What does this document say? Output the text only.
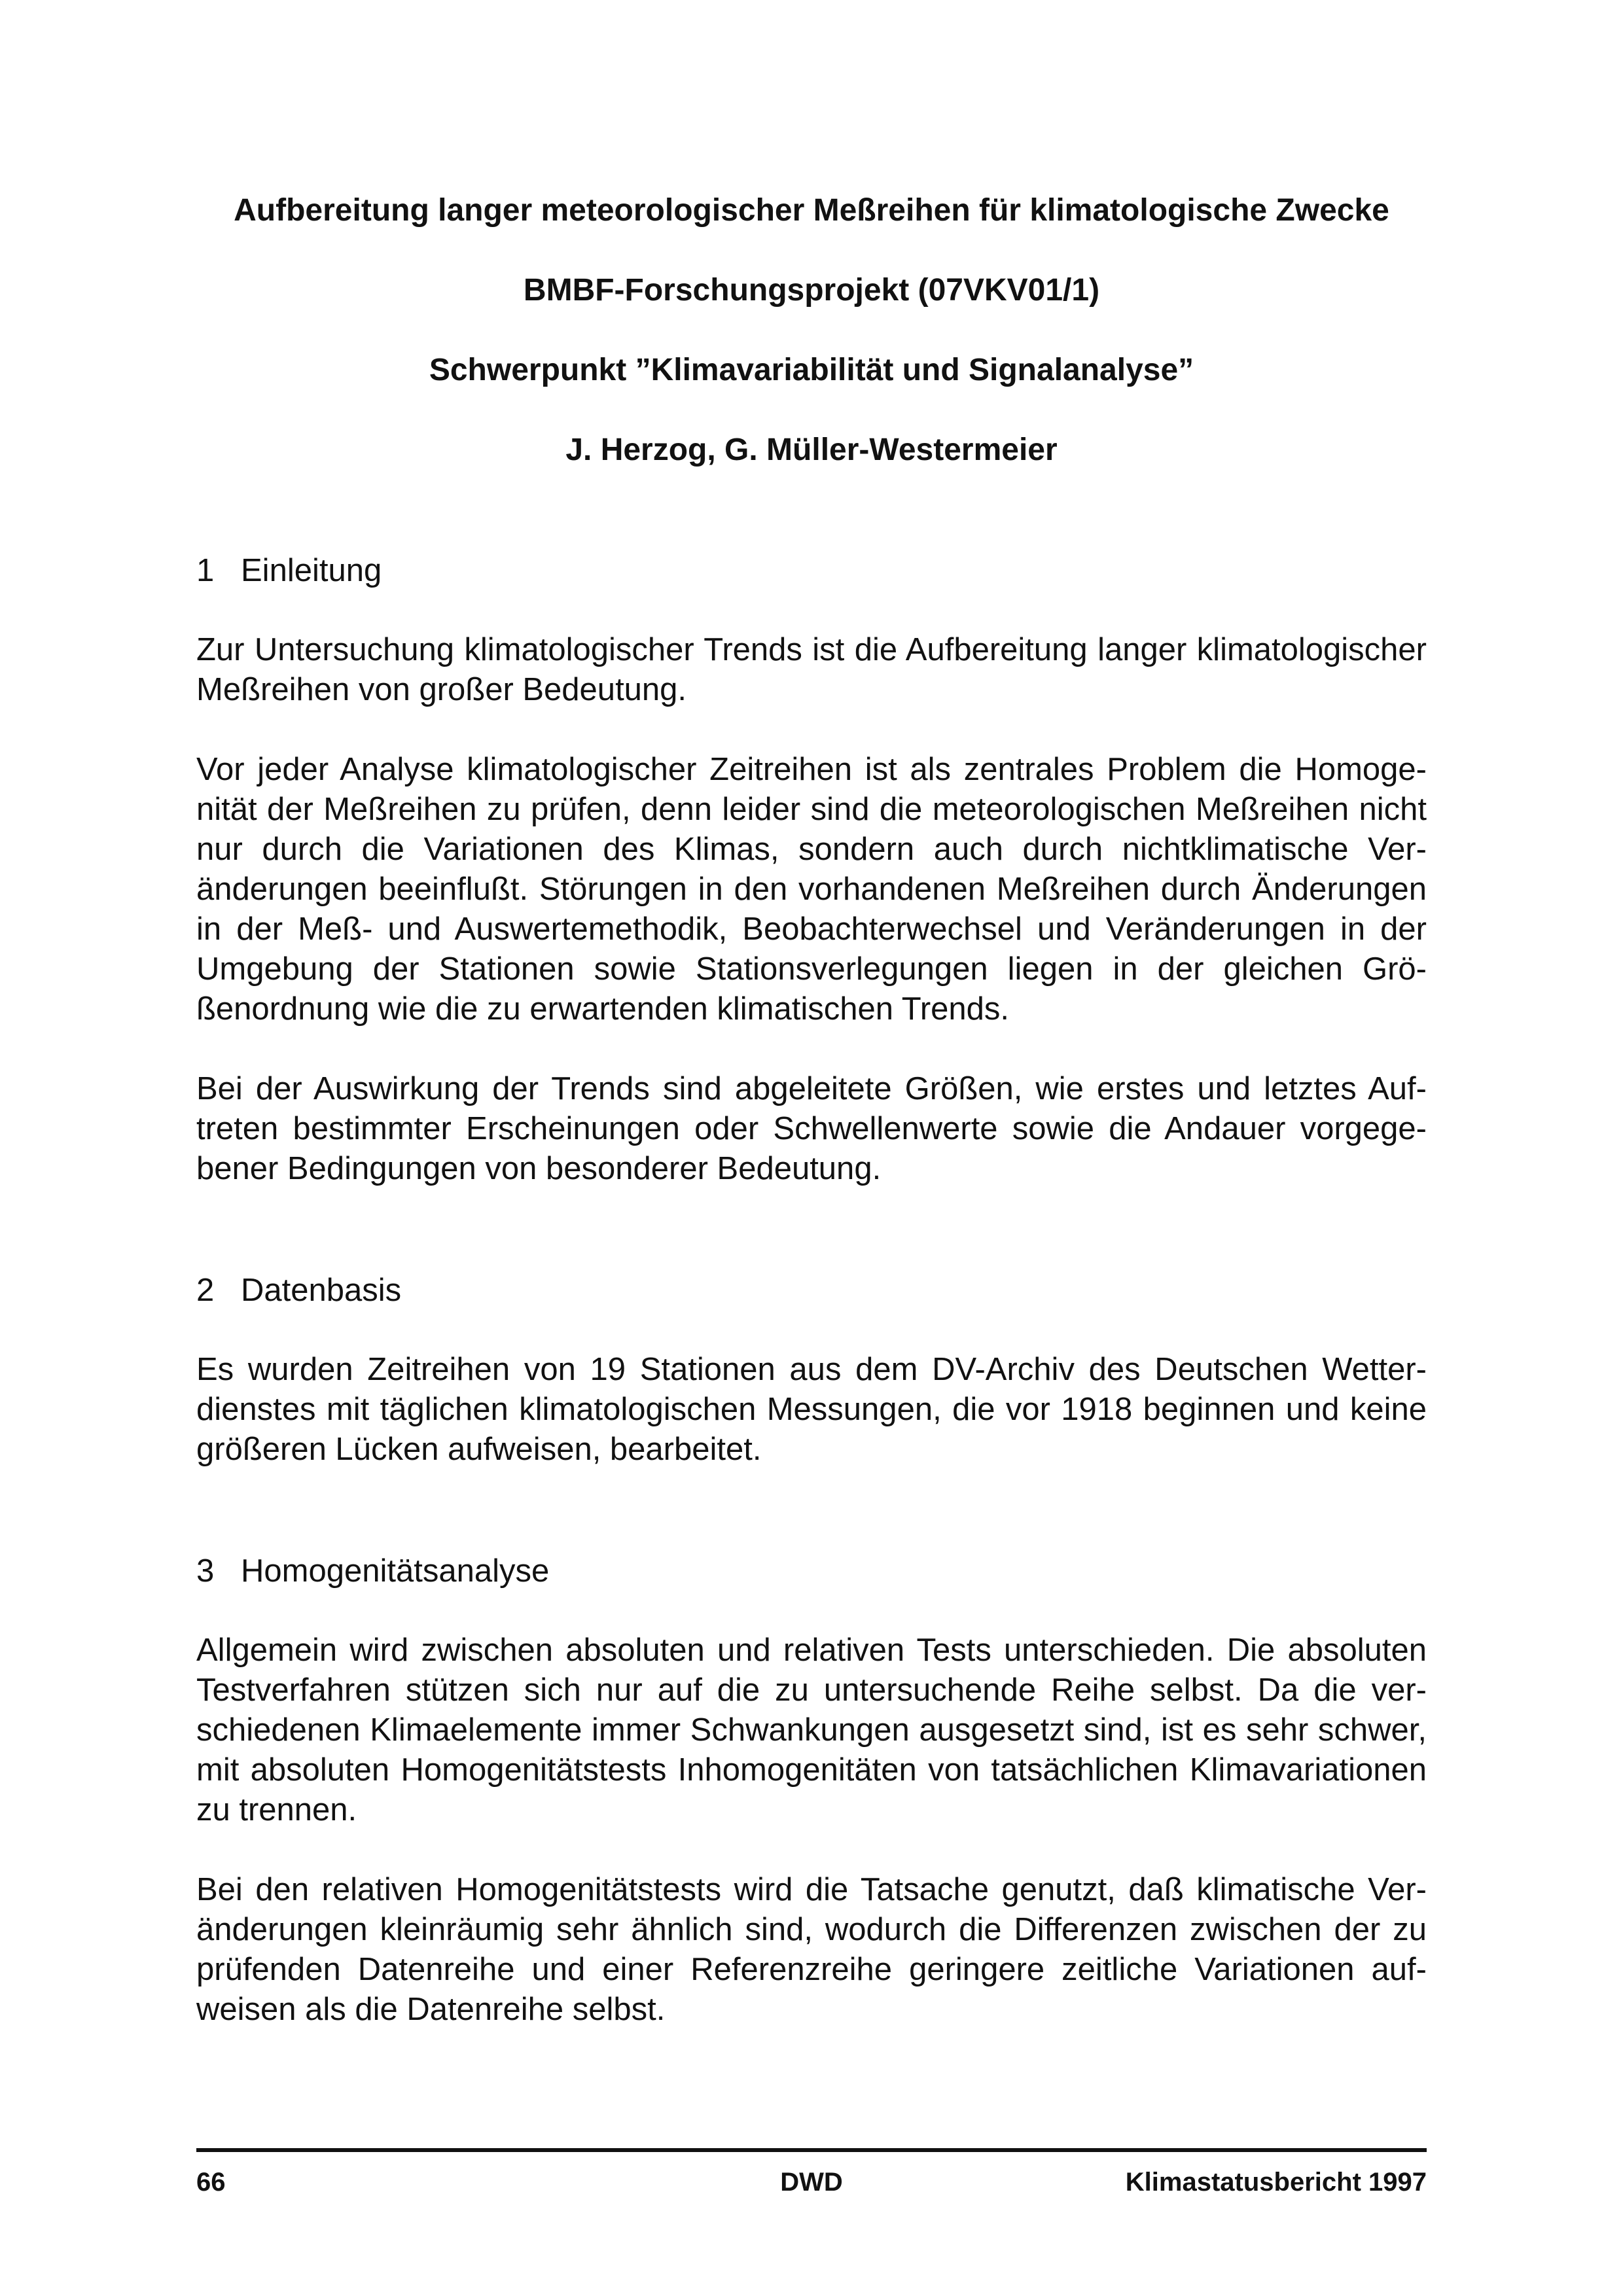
Aufbereitung langer meteorologischer Meßreihen für klimatologische Zwecke
BMBF-Forschungsprojekt (07VKV01/1)
Schwerpunkt ”Klimavariabilität und Signalanalyse”
J. Herzog, G. Müller-Westermeier
1 Einleitung

Zur Untersuchung klimatologischer Trends ist die Aufbereitung langer klimatologischer Meßreihen von großer Bedeutung.

Vor jeder Analyse klimatologischer Zeitreihen ist als zentrales Problem die Homogenität der Meßreihen zu prüfen, denn leider sind die meteorologischen Meßreihen nicht nur durch die Variationen des Klimas, sondern auch durch nichtklimatische Veränderungen beeinflußt. Störungen in den vorhandenen Meßreihen durch Änderungen in der Meß- und Auswertemethodik, Beobachterwechsel und Veränderungen in der Umgebung der Stationen sowie Stationsverlegungen liegen in der gleichen Größenordnung wie die zu erwartenden klimatischen Trends.

Bei der Auswirkung der Trends sind abgeleitete Größen, wie erstes und letztes Auftreten bestimmter Erscheinungen oder Schwellenwerte sowie die Andauer vorgegebener Bedingungen von besonderer Bedeutung.

2 Datenbasis

Es wurden Zeitreihen von 19 Stationen aus dem DV-Archiv des Deutschen Wetterdienstes mit täglichen klimatologischen Messungen, die vor 1918 beginnen und keine größeren Lücken aufweisen, bearbeitet.

3 Homogenitätsanalyse

Allgemein wird zwischen absoluten und relativen Tests unterschieden. Die absoluten Testverfahren stützen sich nur auf die zu untersuchende Reihe selbst. Da die verschiedenen Klimaelemente immer Schwankungen ausgesetzt sind, ist es sehr schwer, mit absoluten Homogenitätstests Inhomogenitäten von tatsächlichen Klimavariationen zu trennen.

Bei den relativen Homogenitätstests wird die Tatsache genutzt, daß klimatische Veränderungen kleinräumig sehr ähnlich sind, wodurch die Differenzen zwischen der zu prüfenden Datenreihe und einer Referenzreihe geringere zeitliche Variationen aufweisen als die Datenreihe selbst.

66	DWD	Klimastatusbericht 1997
